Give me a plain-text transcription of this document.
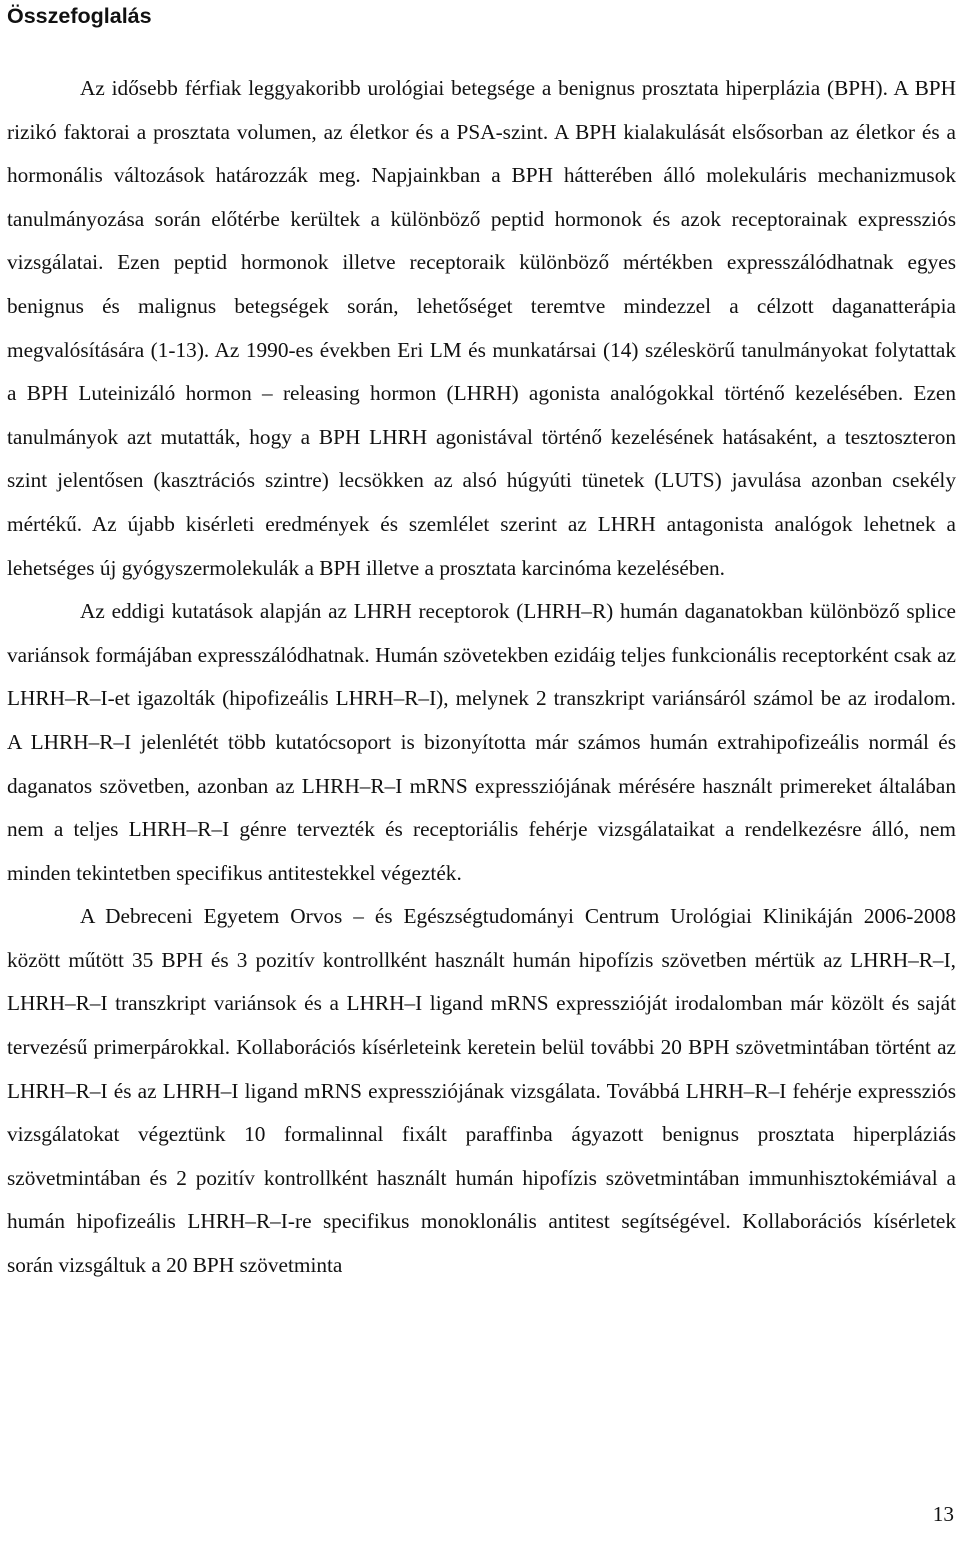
Összefoglalás

Az idősebb férfiak leggyakoribb urológiai betegsége a benignus prosztata hiperplázia (BPH). A BPH rizikó faktorai a prosztata volumen, az életkor és a PSA-szint. A BPH kialakulását elsősorban az életkor és a hormonális változások határozzák meg. Napjainkban a BPH hátterében álló molekuláris mechanizmusok tanulmányozása során előtérbe kerültek a különböző peptid hormonok és azok receptorainak expressziós vizsgálatai. Ezen peptid hormonok illetve receptoraik különböző mértékben expresszálódhatnak egyes benignus és malignus betegségek során, lehetőséget teremtve mindezzel a célzott daganatterápia megvalósítására (1-13). Az 1990-es években Eri LM és munkatársai (14) széleskörű tanulmányokat folytattak a BPH Luteinizáló hormon – releasing hormon (LHRH) agonista analógokkal történő kezelésében. Ezen tanulmányok azt mutatták, hogy a BPH LHRH agonistával történő kezelésének hatásaként, a tesztoszteron szint jelentősen (kasztrációs szintre) lecsökken az alsó húgyúti tünetek (LUTS) javulása azonban csekély mértékű. Az újabb kisérleti eredmények és szemlélet szerint az LHRH antagonista analógok lehetnek a lehetséges új gyógyszermolekulák a BPH illetve a prosztata karcinóma kezelésében.

Az eddigi kutatások alapján az LHRH receptorok (LHRH–R) humán daganatokban különböző splice variánsok formájában expresszálódhatnak. Humán szövetekben ezidáig teljes funkcionális receptorként csak az LHRH–R–I-et igazolták (hipofizeális LHRH–R–I), melynek 2 transzkript variánsáról számol be az irodalom. A LHRH–R–I jelenlétét több kutatócsoport is bizonyította már számos humán extrahipofizeális normál és daganatos szövetben, azonban az LHRH–R–I mRNS expressziójának mérésére használt primereket általában nem a teljes LHRH–R–I génre tervezték és receptoriális fehérje vizsgálataikat a rendelkezésre álló, nem minden tekintetben specifikus antitestekkel végezték.

A Debreceni Egyetem Orvos – és Egészségtudományi Centrum Urológiai Klinikáján 2006-2008 között műtött 35 BPH és 3 pozitív kontrollként használt humán hipofízis szövetben mértük az LHRH–R–I, LHRH–R–I transzkript variánsok és a LHRH–I ligand mRNS expresszióját irodalomban már közölt és saját tervezésű primerpárokkal. Kollaborációs kísérleteink keretein belül további 20 BPH szövetmintában történt az LHRH–R–I és az LHRH–I ligand mRNS expressziójának vizsgálata. Továbbá LHRH–R–I fehérje expressziós vizsgálatokat végeztünk 10 formalinnal fixált paraffinba ágyazott benignus prosztata hiperpláziás szövetmintában és 2 pozitív kontrollként használt humán hipofízis szövetmintában immunhisztokémiával a humán hipofizeális LHRH–R–I-re specifikus monoklonális antitest segítségével. Kollaborációs kísérletek során vizsgáltuk a 20 BPH szövetminta

13
